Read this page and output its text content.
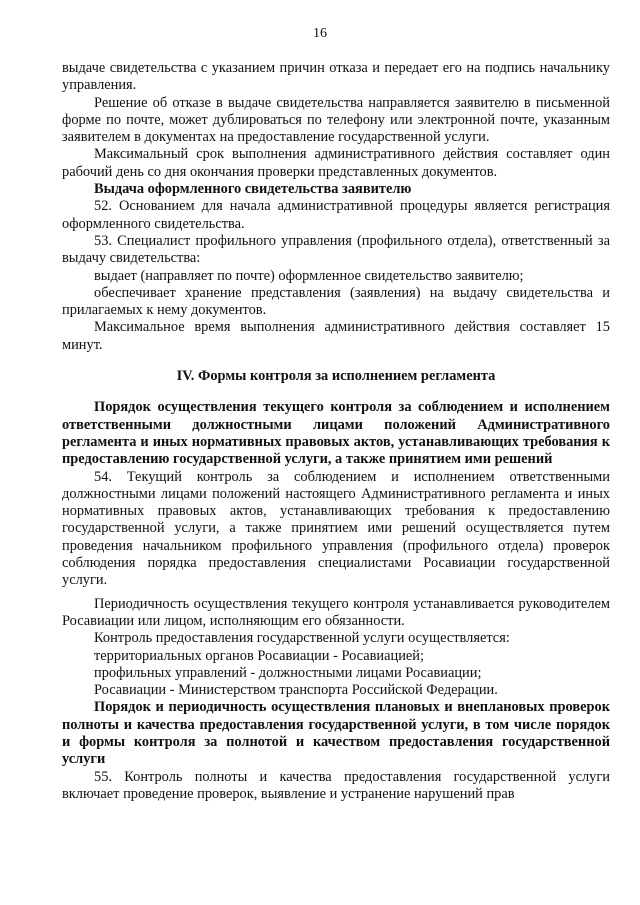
16

выдаче свидетельства с указанием причин отказа и передает его на подпись начальнику управления.

Решение об отказе в выдаче свидетельства направляется заявителю в письменной форме по почте, может дублироваться по телефону или электронной почте, указанным заявителем в документах на предоставление государственной услуги.

Максимальный срок выполнения административного действия составляет один рабочий день со дня окончания проверки представленных документов.

Выдача оформленного свидетельства заявителю

52. Основанием для начала административной процедуры является регистрация оформленного свидетельства.

53. Специалист профильного управления (профильного отдела), ответственный за выдачу свидетельства:

выдает (направляет по почте) оформленное свидетельство заявителю;

обеспечивает хранение представления (заявления) на выдачу свидетельства и прилагаемых к нему документов.

Максимальное время выполнения административного действия составляет 15 минут.

IV. Формы контроля за исполнением регламента

Порядок осуществления текущего контроля за соблюдением и исполнением ответственными должностными лицами положений Административного регламента и иных нормативных правовых актов, устанавливающих требования к предоставлению государственной услуги, а также принятием ими решений

54. Текущий контроль за соблюдением и исполнением ответственными должностными лицами положений настоящего Административного регламента и иных нормативных правовых актов, устанавливающих требования к предоставлению государственной услуги, а также принятием ими решений осуществляется путем проведения начальником профильного управления (профильного отдела) проверок соблюдения порядка предоставления специалистами Росавиации государственной услуги.

Периодичность осуществления текущего контроля устанавливается руководителем Росавиации или лицом, исполняющим его обязанности.

Контроль предоставления государственной услуги осуществляется:

территориальных органов Росавиации - Росавиацией;

профильных управлений - должностными лицами Росавиации;

Росавиации - Министерством транспорта Российской Федерации.

Порядок и периодичность осуществления плановых и внеплановых проверок полноты и качества предоставления государственной услуги, в том числе порядок и формы контроля за полнотой и качеством предоставления государственной услуги

55. Контроль полноты и качества предоставления государственной услуги включает проведение проверок, выявление и устранение нарушений прав
